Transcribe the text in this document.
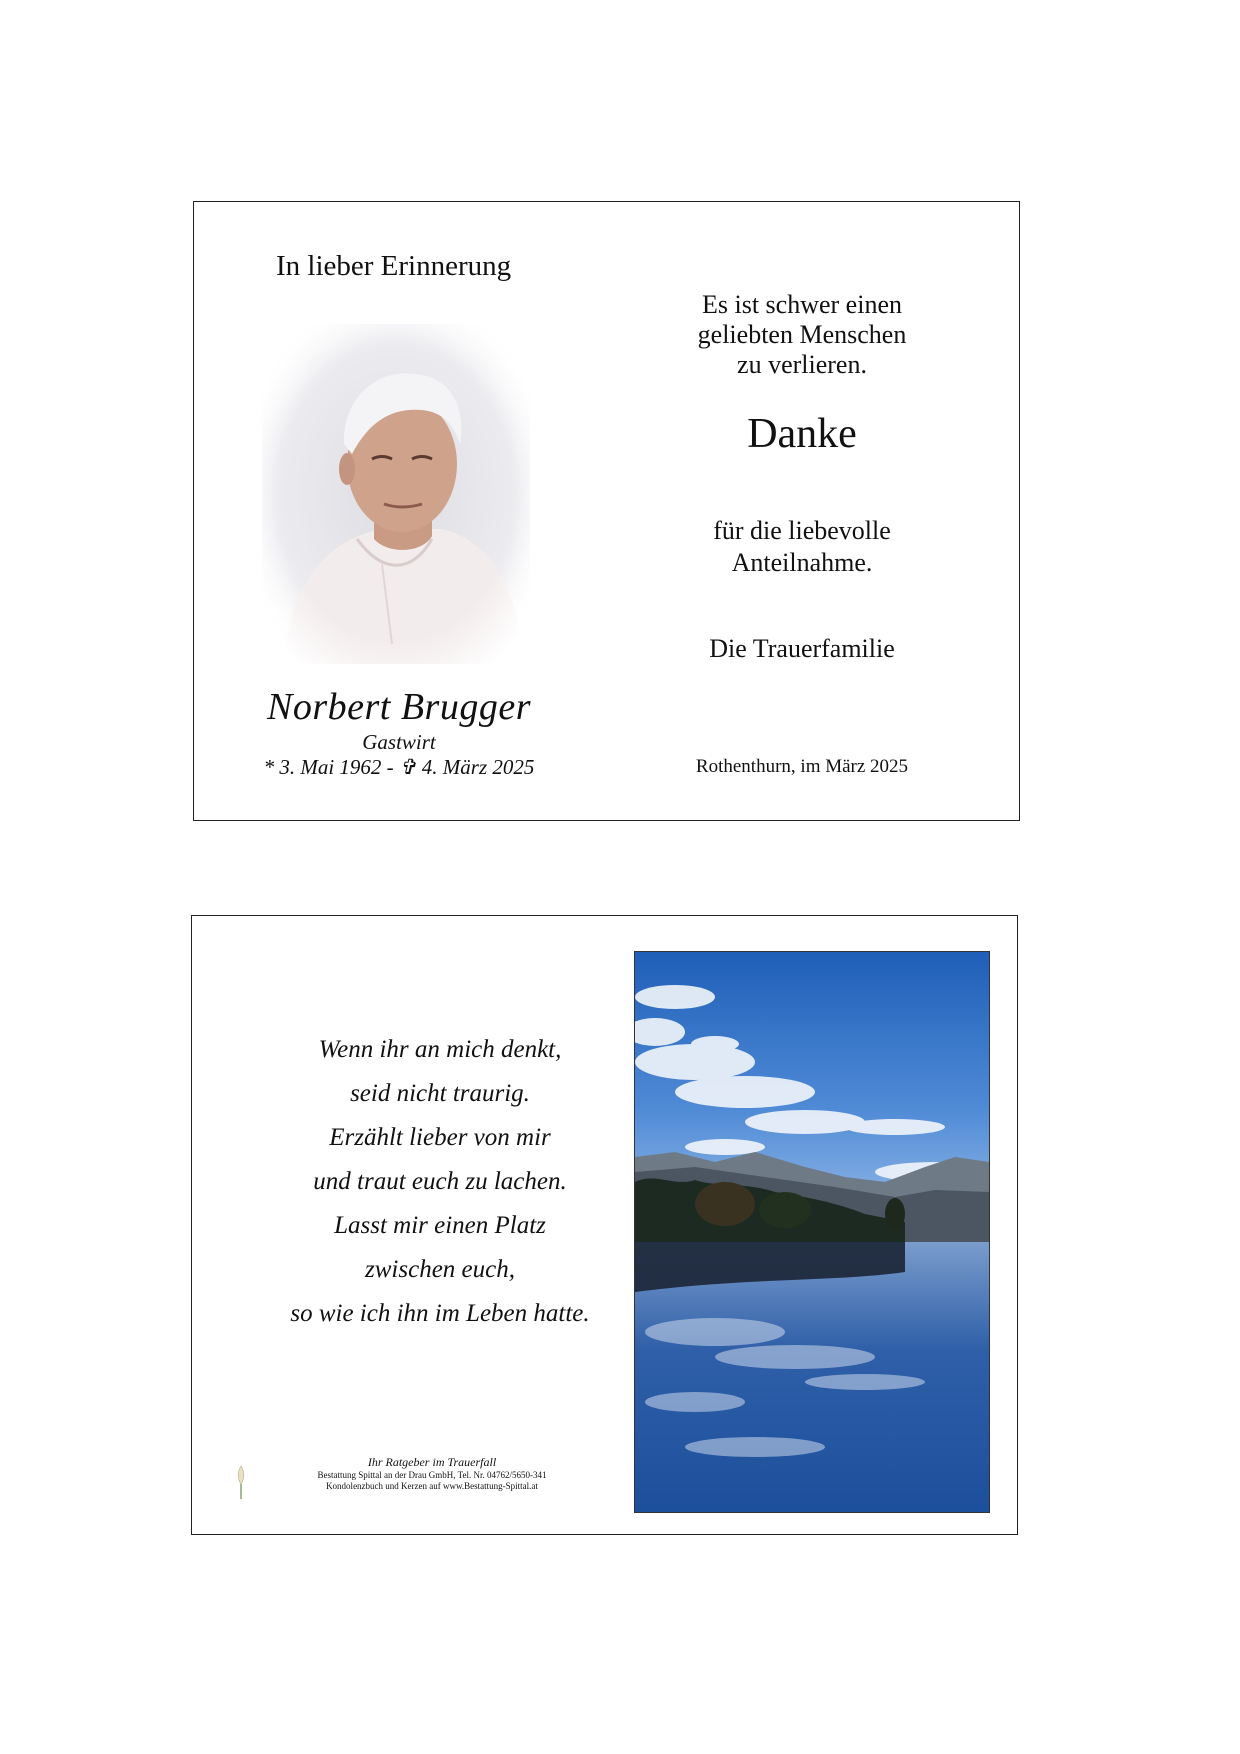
In lieber Erinnerung
Norbert Brugger
Gastwirt
* 3. Mai 1962 - ✞ 4. März 2025
Es ist schwer einen
geliebten Menschen
zu verlieren.
Danke
für die liebevolle
Anteilnahme.
Die Trauerfamilie
Rothenthurn, im März 2025
Wenn ihr an mich denkt,
seid nicht traurig.
Erzählt lieber von mir
und traut euch zu lachen.
Lasst mir einen Platz
zwischen euch,
so wie ich ihn im Leben hatte.
Ihr Ratgeber im Trauerfall
Bestattung Spittal an der Drau GmbH, Tel. Nr. 04762/5650-341
Kondolenzbuch und Kerzen auf www.Bestattung-Spittal.at
